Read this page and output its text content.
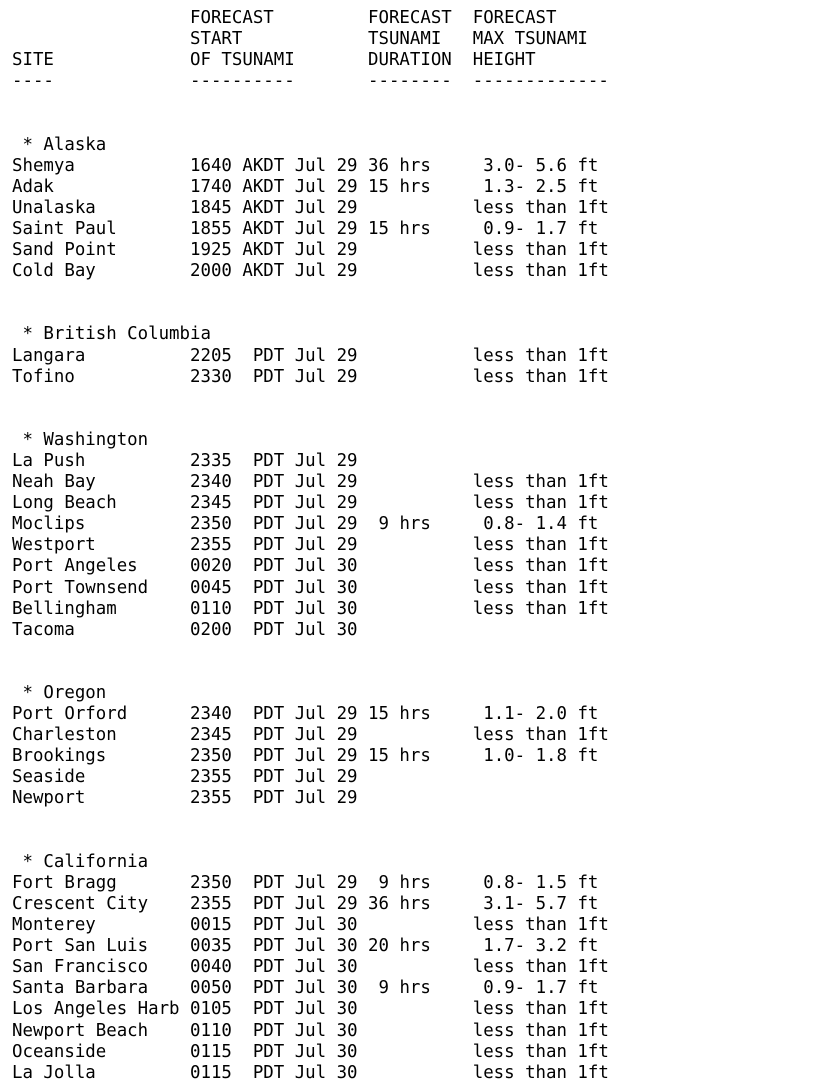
FORECAST	FORECAST FORECAST
START	TSUNAMI MAX TSUNAMI
SITE	OF TSUNAMI	DURATION HEIGHT
----	----------	-------- -------------

* Alaska
Shemya	1640 AKDT Jul 29 36 hrs	3.0- 5.6 ft
Adak	1740 AKDT Jul 29 15 hrs	1.3- 2.5 ft
Unalaska	1845 AKDT Jul 29	less than 1ft
Saint Paul	1855 AKDT Jul 29 15 hrs	0.9- 1.7 ft
Sand Point	1925 AKDT Jul 29	less than 1ft
Cold Bay	2000 AKDT Jul 29	less than 1ft

* British Columbia
Langara	2205  PDT Jul 29	less than 1ft
Tofino	2330  PDT Jul 29	less than 1ft

* Washington
La Push	2335  PDT Jul 29
Neah Bay	2340  PDT Jul 29	less than 1ft
Long Beach	2345  PDT Jul 29	less than 1ft
Moclips	2350  PDT Jul 29 9 hrs	0.8- 1.4 ft
Westport	2355  PDT Jul 29	less than 1ft
Port Angeles	0020  PDT Jul 30	less than 1ft
Port Townsend 0045  PDT Jul 30	less than 1ft
Bellingham	0110  PDT Jul 30	less than 1ft
Tacoma	0200  PDT Jul 30

* Oregon
Port Orford	2340  PDT Jul 29 15 hrs	1.1- 2.0 ft
Charleston	2345  PDT Jul 29	less than 1ft
Brookings	2350  PDT Jul 29 15 hrs	1.0- 1.8 ft
Seaside	2355  PDT Jul 29
Newport	2355  PDT Jul 29

* California
Fort Bragg	2350  PDT Jul 29 9 hrs	0.8- 1.5 ft
Crescent City 2355  PDT Jul 29 36 hrs	3.1- 5.7 ft
Monterey	0015  PDT Jul 30	less than 1ft
Port San Luis 0035  PDT Jul 30 20 hrs	1.7- 3.2 ft
San Francisco 0040  PDT Jul 30	less than 1ft
Santa Barbara 0050  PDT Jul 30 9 hrs	0.9- 1.7 ft
Los Angeles Harb 0105  PDT Jul 30	less than 1ft
Newport Beach 0110  PDT Jul 30	less than 1ft
Oceanside	0115  PDT Jul 30	less than 1ft
La Jolla	0115  PDT Jul 30	less than 1ft
